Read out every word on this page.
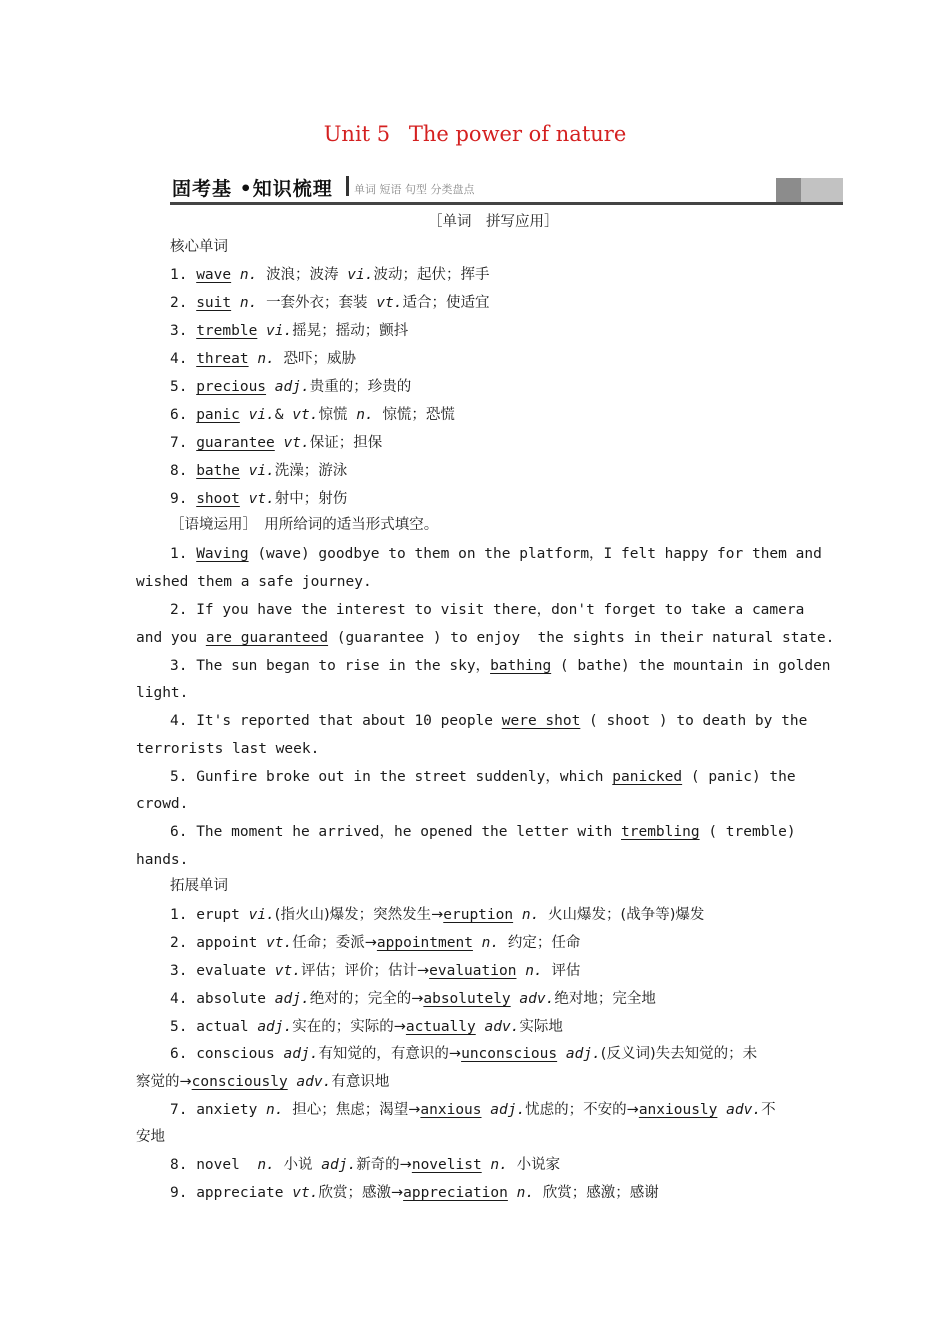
Unit 5 The power of nature
固考基 •知识梳理 单词 短语 句型 分类盘点
［单词　拼写应用］
核心单词
1. wave n. 波浪；波涛 vi.波动；起伏；挥手
2. suit n. 一套外衣；套装 vt.适合；使适宜
3. tremble vi.摇晃；摇动；颤抖
4. threat n. 恐吓；威胁
5. precious adj.贵重的；珍贵的
6. panic vi.& vt.惊慌 n. 惊慌；恐慌
7. guarantee vt.保证；担保
8. bathe vi.洗澡；游泳
9. shoot vt.射中；射伤
［语境运用］　用所给词的适当形式填空。
1. Waving (wave) goodbye to them on the platform，I felt happy for them and
wished them a safe journey.
2. If you have the interest to visit there，don't forget to take a camera
and you are guaranteed (guarantee ) to enjoy  the sights in their natural state.
3. The sun began to rise in the sky，bathing ( bathe) the mountain in golden
light.
4. It's reported that about 10 people were shot ( shoot ) to death by the
terrorists last week.
5. Gunfire broke out in the street suddenly，which panicked ( panic) the
crowd.
6. The moment he arrived，he opened the letter with trembling ( tremble)
hands.
拓展单词
1. erupt vi.(指火山)爆发；突然发生→eruption n. 火山爆发；(战争等)爆发
2. appoint vt.任命；委派→appointment n. 约定；任命
3. evaluate vt.评估；评价；估计→evaluation n. 评估
4. absolute adj.绝对的；完全的→absolutely adv.绝对地；完全地
5. actual adj.实在的；实际的→actually adv.实际地
6. conscious adj.有知觉的，有意识的→unconscious adj.(反义词)失去知觉的；未
察觉的→consciously adv.有意识地
7. anxiety n. 担心；焦虑；渴望→anxious adj.忧虑的；不安的→anxiously adv.不
安地
8. novel n. 小说 adj.新奇的→novelist n. 小说家
9. appreciate vt.欣赏；感激→appreciation n. 欣赏；感激；感谢
